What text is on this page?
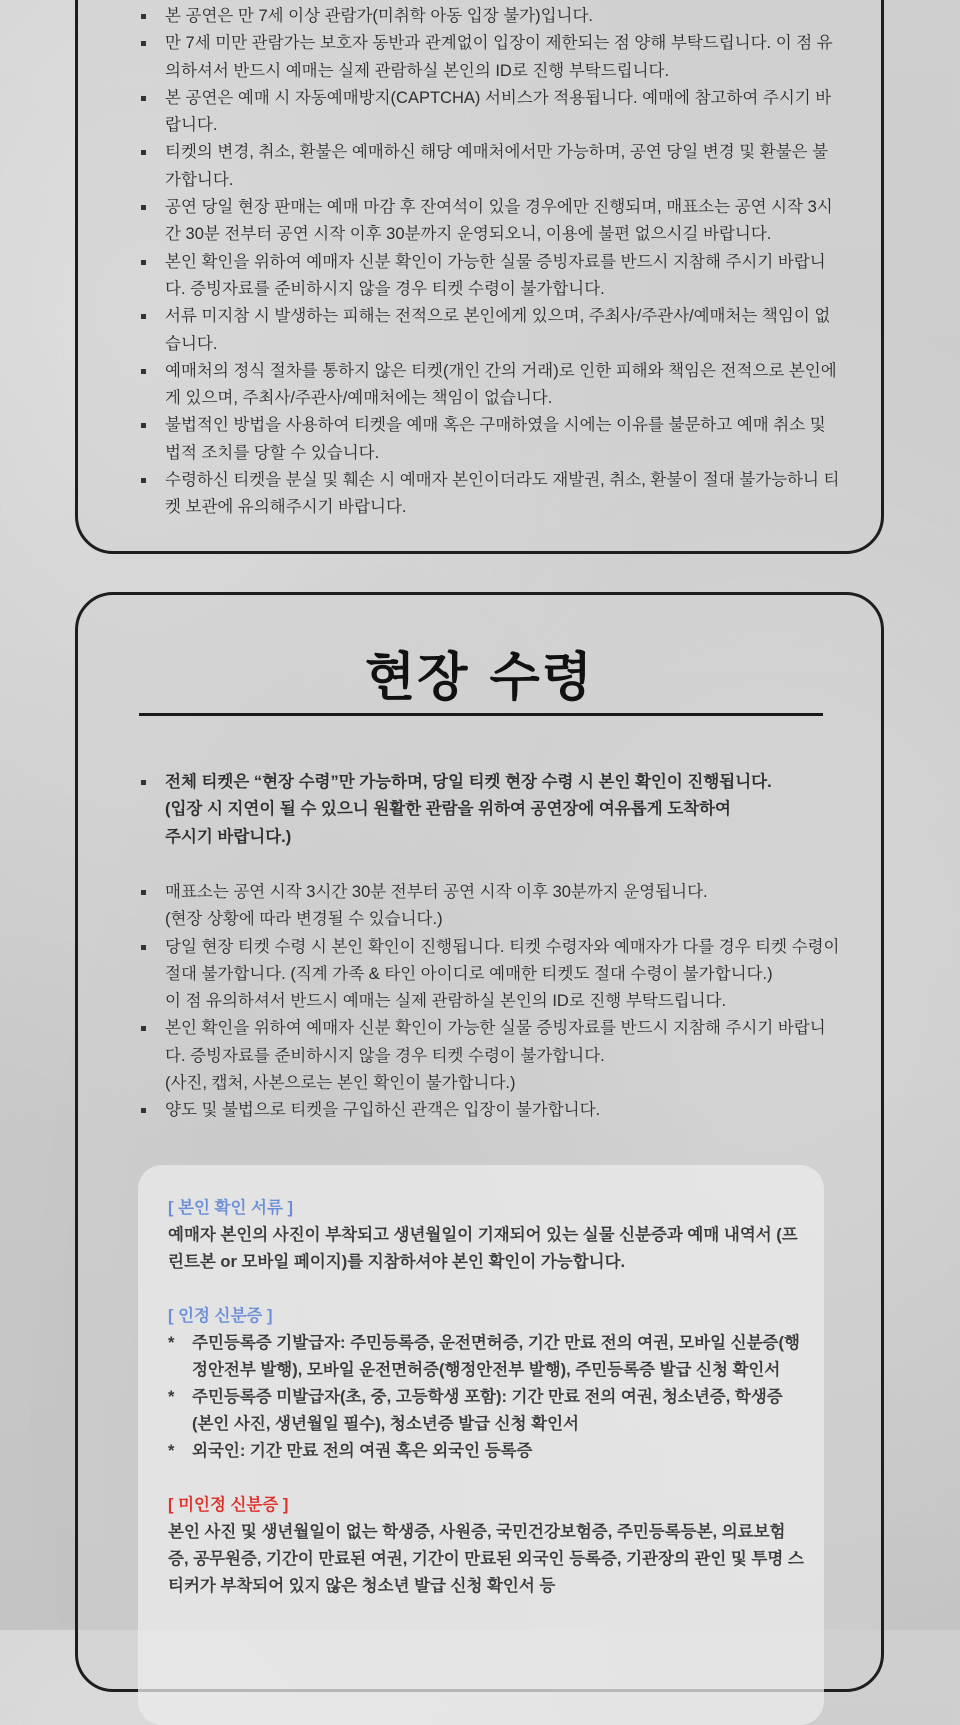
본 공연은 만 7세 이상 관람가(미취학 아동 입장 불가)입니다.
만 7세 미만 관람가는 보호자 동반과 관계없이 입장이 제한되는 점 양해 부탁드립니다. 이 점 유의하셔서 반드시 예매는 실제 관람하실 본인의 ID로 진행 부탁드립니다.
본 공연은 예매 시 자동예매방지(CAPTCHA) 서비스가 적용됩니다. 예매에 참고하여 주시기 바랍니다.
티켓의 변경, 취소, 환불은 예매하신 해당 예매처에서만 가능하며, 공연 당일 변경 및 환불은 불가합니다.
공연 당일 현장 판매는 예매 마감 후 잔여석이 있을 경우에만 진행되며, 매표소는 공연 시작 3시간 30분 전부터 공연 시작 이후 30분까지 운영되오니, 이용에 불편 없으시길 바랍니다.
본인 확인을 위하여 예매자 신분 확인이 가능한 실물 증빙자료를 반드시 지참해 주시기 바랍니다. 증빙자료를 준비하시지 않을 경우 티켓 수령이 불가합니다.
서류 미지참 시 발생하는 피해는 전적으로 본인에게 있으며, 주최사/주관사/예매처는 책임이 없습니다.
예매처의 정식 절차를 통하지 않은 티켓(개인 간의 거래)로 인한 피해와 책임은 전적으로 본인에게 있으며, 주최사/주관사/예매처에는 책임이 없습니다.
불법적인 방법을 사용하여 티켓을 예매 혹은 구매하였을 시에는 이유를 불문하고 예매 취소 및 법적 조치를 당할 수 있습니다.
수령하신 티켓을 분실 및 훼손 시 예매자 본인이더라도 재발권, 취소, 환불이 절대 불가능하니 티켓 보관에 유의해주시기 바랍니다.
현장 수령
전체 티켓은 “현장 수령”만 가능하며, 당일 티켓 현장 수령 시 본인 확인이 진행됩니다.
(입장 시 지연이 될 수 있으니 원활한 관람을 위하여 공연장에 여유롭게 도착하여
주시기 바랍니다.)
매표소는 공연 시작 3시간 30분 전부터 공연 시작 이후 30분까지 운영됩니다.
(현장 상황에 따라 변경될 수 있습니다.)
당일 현장 티켓 수령 시 본인 확인이 진행됩니다. 티켓 수령자와 예매자가 다를 경우 티켓 수령이 절대 불가합니다. (직계 가족 & 타인 아이디로 예매한 티켓도 절대 수령이 불가합니다.)
이 점 유의하셔서 반드시 예매는 실제 관람하실 본인의 ID로 진행 부탁드립니다.
본인 확인을 위하여 예매자 신분 확인이 가능한 실물 증빙자료를 반드시 지참해 주시기 바랍니다. 증빙자료를 준비하시지 않을 경우 티켓 수령이 불가합니다.
(사진, 캡처, 사본으로는 본인 확인이 불가합니다.)
양도 및 불법으로 티켓을 구입하신 관객은 입장이 불가합니다.

[ 본인 확인 서류 ]

예매자 본인의 사진이 부착되고 생년월일이 기재되어 있는 실물 신분증과 예매 내역서 (프린트본 or 모바일 페이지)를 지참하셔야 본인 확인이 가능합니다.

[ 인정 신분증 ]

* 주민등록증 기발급자: 주민등록증, 운전면허증, 기간 만료 전의 여권, 모바일 신분증(행정안전부 발행), 모바일 운전면허증(행정안전부 발행), 주민등록증 발급 신청 확인서
* 주민등록증 미발급자(초, 중, 고등학생 포함): 기간 만료 전의 여권, 청소년증, 학생증(본인 사진, 생년월일 필수), 청소년증 발급 신청 확인서
* 외국인: 기간 만료 전의 여권 혹은 외국인 등록증

[ 미인정 신분증 ]

본인 사진 및 생년월일이 없는 학생증, 사원증, 국민건강보험증, 주민등록등본, 의료보험증, 공무원증, 기간이 만료된 여권, 기간이 만료된 외국인 등록증, 기관장의 관인 및 투명 스티커가 부착되어 있지 않은 청소년 발급 신청 확인서 등
